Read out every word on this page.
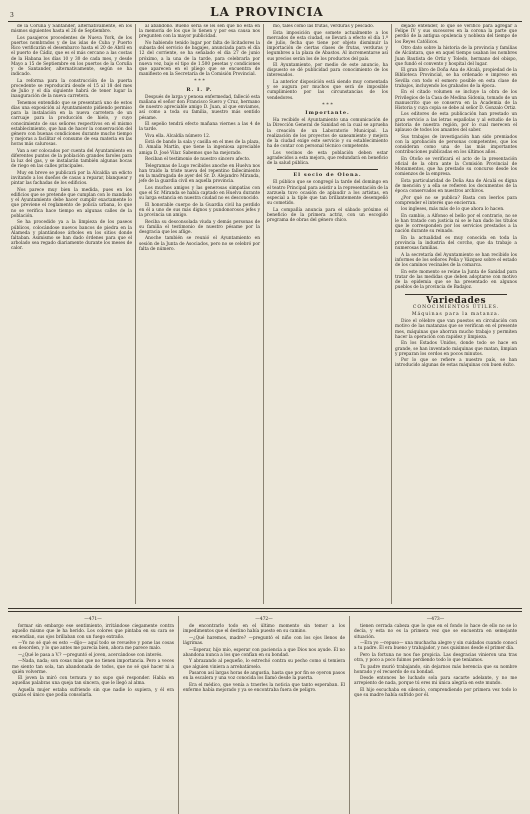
3	LA PROVINCIA

de la Coruña y Santander, alternativamente, en los mismos siguientes hasta el 26 de Septiembre.

Los pasajeros procedentes de Nueva York, de los puertos nombrados y de las islas de Cuba y Puerto Rico verificarán el desembarco hasta el 20 de Abril en el puerto de Cádiz, que es el más cercano a las costas de la Habana los días 10 y 30 de cada mes, y desde Mayo a 15 de Septiembre en los puertos de la Coruña y de Santander, alternativamente, según se ha indicado.

La reforma para la construcción de la puerta procedente se reproducirá desde el 15 al 18 del mes de Julio y el día siguiente habrá de tener lugar la inauguración de la nueva carretera.

Tenemos entendido que se presentará uno de estos días una exposición al Ayuntamiento pidiendo permiso para la instalación en la nueva carretera de un carruaje para la producción de hielo, y cuyo conocimiento de sus señores respectivos en el mismo establecimiento, que han de hacer la conservación del género con buenas condiciones durante mucho tiempo y mejoras a facilitar el consumo de esa materia en las horas más calurosas.

Van a ser colocados por cuenta del Ayuntamiento en diferentes puntos de la población grandes faroles para la luz del gas, y se instalarán también algunas bocas de riego en las calles principales.

Muy en breve se publicará por la Alcaldía un edicto invitando a los dueños de casas a reparar, blanquear y pintar las fachadas de los edificios.

Nos parece muy bien la medida, pues en los edificios que se pretende que cumplan con lo mandado y el Ayuntamiento debe hacer cumplir exactamente lo que previene el reglamento de policía urbana, lo que no se verifica hace tiempo en algunas calles de la población.

Se ha procedido ya a la limpieza de los paseos públicos, colocándose nuevos bancos de piedra en la Alameda y plantándose árboles en los sitios donde faltaban. Asimismo se han dado órdenes para que el arbolado sea regado diariamente durante los meses de calor.

al abandono. Bueno sería se leí sen que no está en la memoria de los que lo tienen y por esa causa nos pregunten con la mayor publicidad.

No habiendo tenido lugar por falta de licitadores la subasta del servicio de bagajes, anunciada para el día 12 del corriente, se ha señalado el día 27 de junio próximo, a la una de la tarde, para celebrarla por nueva vez, bajo el tipo de 1.500 pesetas y condiciones que aparecen en el pliego que se encuentra de manifiesto en la Secretaría de la Comisión Provincial.

* * *
R. I. P.

Después de larga y penosa enfermedad, falleció esta mañana el señor don Francisco Suero y Cruz, hermano de nuestro apreciable amigo D. Juan, al que enviamos, así como a toda su familia, nuestro más sentido pésame.

El sepelio tendrá efecto mañana viernes a las 4 de la tarde.

Viva ella. Alcaldía número 12.

Está de bando la sala y casilla en el mes de la plaza, D. Amalia Martín, que tiene la ingeniosa apreciable amiga D. José Vilar. Sabemos que ha mejorado.

Reciban el testimonio de nuestro sincero afecto.

Telegramas de Lugo recibidos anoche en Huelva nos han traído la triste nueva del repentino fallecimiento en la madrugada de ayer del Sr. D. Alejandro Miranda, jefe de la guardia civil en aquella provincia.

Los muchos amigos y las generosas simpatías con que el Sr. Miranda se había captado en Huelva durante su larga estancia en nuestra ciudad no es desconocido.

El honorable cuerpo de la Guardia civil ha perdido en él a uno de sus más dignos y pundonorosos jefes y la provincia un amigo.

Reciba su desconsolada viuda y demás personas de su familia el testimonio de nuestro pésame por la desgracia que les aflige.

Anoche también se reunió el Ayuntamiento en sesión de la Junta de Asociados, pero no se celebró por falta de número.

mo, tales como las frutas, verduras y pescado.

Esta imposición que somete actualmente a los mercados de esta ciudad, se llevará a efecto el día 1.º de julio, fecha que tiene por objeto disminuir la importación de ciertas clases de frutas, verduras y legumbres a la plaza de Abastos. Al incrementarse así sus precios serán los de los productos del país.

El Ayuntamiento, por medio de este anuncio, ha dispuesto se dé publicidad para conocimiento de los interesados.

La anterior disposición está siendo muy comentada y se augura por muchos que será de imposible cumplimiento por las circunstancias de los vendedores.

* * *
Importante.

Ha recibido el Ayuntamiento una comunicación de la Dirección General de Sanidad en la cual se aprueba la creación de un Laboratorio Municipal. La realización de los proyectos de saneamiento y mejora de la ciudad exige este servicio y su establecimiento ha de contar con personal técnico competente.

Los vecinos de esta población deben estar agradecidos a esta mejora, que redundará en beneficio de la salud pública.

El socio de Olona.

El público que se congregó la tarde del domingo en el teatro Principal para asistir a la representación de la zarzuela tuvo ocasión de aplaudir a los artistas, en especial a la tiple que tan brillantemente desempeñó su cometido.

La compañía anuncia para el sábado próximo el beneficio de la primera actriz, con un escogido programa de obras del género chico.

dejado entender, lo que se verificó para agregar a Felipe IV y sus sucesores en la corona la parte que perdió de la antigua opulencia y nobleza del tiempo de los Reyes Católicos.

Otro dato sobre la historia de la provincia y familias de Alcántara, que en aquel tiempo usaban los nombres Juan Bautista de Ortiz y Toledo, hermano del obispo, que fundó el convento y hospital del lugar.

El gran libro de Doña Ana de Alcalá, propiedad de la Biblioteca Provincial, se ha ordenado e impreso en Sevilla con todo el esmero posible en esta clase de trabajos, incluyendo los grabados de la época.

En el citado volumen se incluye la obra de los Privilegios de la Casa de Medina Sidonia, tomado de un manuscrito que se conserva en la Academia de la Historia y cuya copia se debe al señor D. Gonzalo Ortiz.

Los editores de esta publicación han prestado un gran servicio a las letras españolas y al estudio de la historia de nuestra región, por lo cual merecen el aplauso de todos los amantes del saber.

Sus trabajos de investigación han sido premiados con la aprobación de personas competentes, que los consideran como una de las más importantes contribuciones publicadas en los últimos años.

En Otoño se verificará el acto de la presentación oficial de la obra ante la Comisión Provincial de Monumentos, que ha prestado su concurso desde los comienzos de la empresa.

Esta particularidad de Doña Ana de Alcalá es digna de mención y a ella se refieren los documentos de la época conservados en nuestros archivos.

¿Por qué no se publica? Basta con leerlos para comprender el interés que encierran.

los ingleses, más más de lo que ahora lo hacen.

En cambio, a Alfonso el bello por el contrario, no se le han tratado con justicia ni se le han dado los títulos que le corresponden por los servicios prestados a la nación durante su reinado.

En la actualidad es muy conocida en toda la provincia la industria del corcho, que da trabajo a numerosas familias.

A la secretaría del Ayuntamiento se han recibido los informes de los señores Peña y Vázquez sobre el estado de los caminos vecinales de la comarca.

En este momento se reúne la Junta de Sanidad para tratar de las medidas que deben adoptarse con motivo de la epidemia que se ha presentado en algunos pueblos de la provincia de Badajoz.

Variedades
CONOCIMIENTOS ÚTILES.
Máquinas para la matanza.

Dice el célebre que van puestos en circulación con motivo de las matanzas que se verifican en el presente mes, máquinas que ahorran mucho trabajo y permiten hacer la operación con rapidez y limpieza.

En los Estados Unidos, donde todo se hace en grande, se han inventado máquinas que matan, limpian y preparan los cerdos en pocos minutos.

Por lo que se refiere a nuestro país, se han introducido algunas de estas máquinas con buen éxito.

—471—

formar sin embargo ese sentimiento, irritándose ciegamente contra aquello mismo que le ha herido. Los colores que pintaba en su cara se encendían, sus ojos brillaban con un fuego extraño.

—Yo no sé qué es esto —dijo— aquí todo se revuelve y pone las cosas en desorden, y lo que antes me parecía bien, ahora me parece malo.

—¿Qué le pasa a V.? —preguntó el joven, acercándose con interés.

—Nada, nada; son cosas mías que no tienen importancia. Pero a veces me siento tan sola, tan abandonada de todos, que no sé qué hacer ni a quién volverme.

El joven la miró con ternura y no supo qué responder. Había en aquellas palabras una queja tan sincera, que le llegó al alma.

Aquella mujer estaba sufriendo sin que nadie lo supiera, y él era quizás el único que podía consolarla.

—472—

de encontrarlo todo en el último momento sin temor a los impedimentos que el destino había puesto en su camino.

—¿Qué haremos, madre? —preguntó el niño con los ojos llenos de lágrimas.

—Esperar, hijo mío, esperar con paciencia a que Dios nos ayude. Él no abandona nunca a los que confían en su bondad.

Y abrazando al pequeño, lo estrechó contra su pecho como si temiera que alguien viniera a arrebatárselo.

Pasaron así largas horas de angustia, hasta que por fin se oyeron pasos en la escalera y una voz conocida los llamó desde la puerta.

Era el médico, que venía a traerles la noticia que tanto esperaban. El enfermo había mejorado y ya se encontraba fuera de peligro.

—473—

tienen cerrada cabeza que lo que en el fondo lo hace de ello no se lo decía, y esta no es la primera vez que se encuentra en semejante situación.

—Era yo —repuso— una muchacha alegre y sin cuidados cuando conocí a tu padre. Él era bueno y trabajador, y nos quisimos desde el primer día.

Pero la fortuna no nos fue propicia. Las desgracias vinieron una tras otra, y poco a poco fuimos perdiendo todo lo que teníamos.

Tu padre murió trabajando, sin dejarnos más herencia que su nombre honrado y el recuerdo de su bondad.

Desde entonces he luchado sola para sacarte adelante, y no me arrepiento de nada, porque tú eres mi única alegría en este mundo.

El hijo escuchaba en silencio, comprendiendo por primera vez todo lo que su madre había sufrido por él.
